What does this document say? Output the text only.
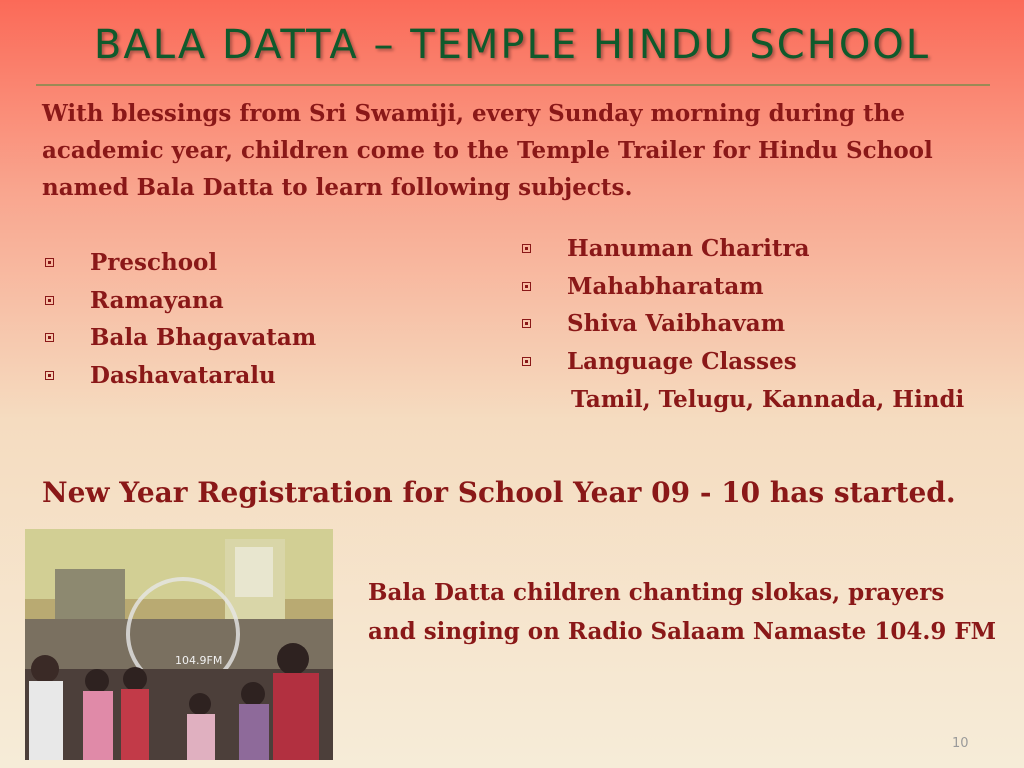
BALA DATTA – TEMPLE HINDU SCHOOL
With blessings from Sri Swamiji, every Sunday morning during the academic year, children come to the Temple Trailer for Hindu School named Bala Datta to learn following subjects.
Preschool
Ramayana
Bala Bhagavatam
Dashavataralu
Hanuman Charitra
Mahabharatam
Shiva Vaibhavam
Language Classes
Tamil, Telugu, Kannada, Hindi
New Year Registration for School Year 09 - 10 has started.
104.9FM
Bala Datta children chanting slokas, prayers
and singing on Radio Salaam Namaste 104.9 FM
10
